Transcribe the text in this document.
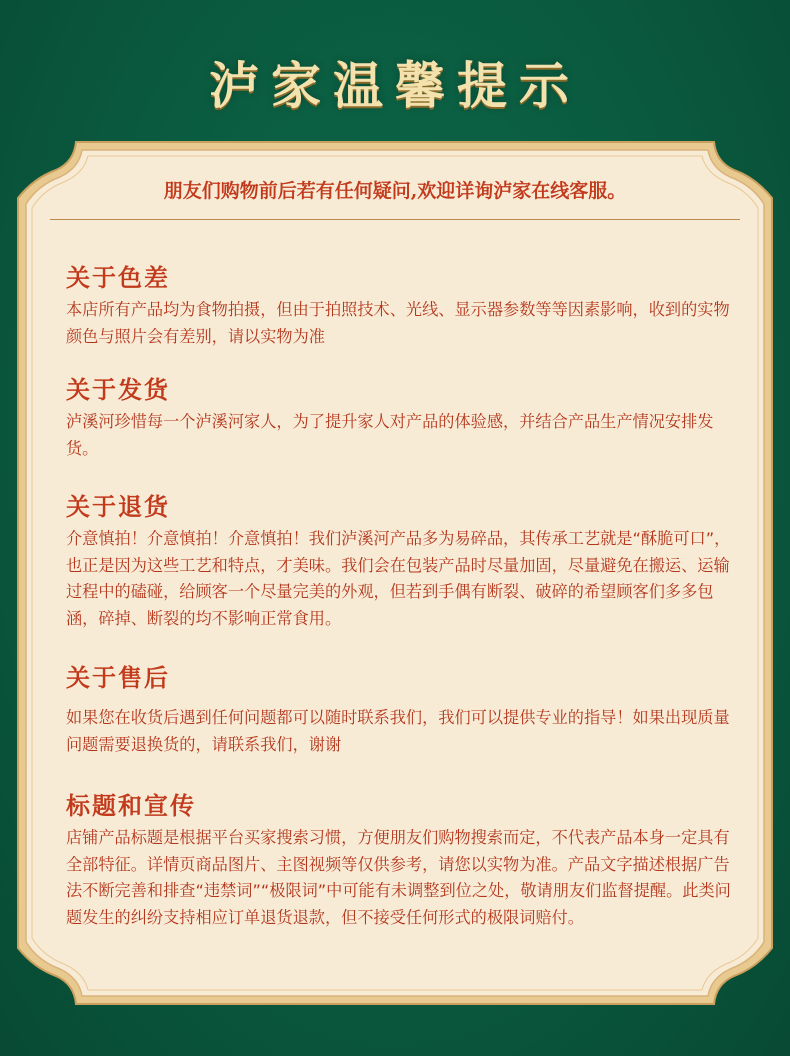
泸家温馨提示
朋友们购物前后若有任何疑问,欢迎详询泸家在线客服。
关于色差

本店所有产品均为食物拍摄，但由于拍照技术、光线、显示器参数等等因素影响，收到的实物颜色与照片会有差别，请以实物为准

关于发货

泸溪河珍惜每一个泸溪河家人，为了提升家人对产品的体验感，并结合产品生产情况安排发货。

关于退货

介意慎拍！介意慎拍！介意慎拍！我们泸溪河产品多为易碎品，其传承工艺就是“酥脆可口”，也正是因为这些工艺和特点，才美味。我们会在包装产品时尽量加固，尽量避免在搬运、运输过程中的磕碰，给顾客一个尽量完美的外观，但若到手偶有断裂、破碎的希望顾客们多多包涵，碎掉、断裂的均不影响正常食用。

关于售后

如果您在收货后遇到任何问题都可以随时联系我们，我们可以提供专业的指导！如果出现质量问题需要退换货的，请联系我们，谢谢

标题和宣传

店铺产品标题是根据平台买家搜索习惯，方便朋友们购物搜索而定，不代表产品本身一定具有全部特征。详情页商品图片、主图视频等仅供参考，请您以实物为准。产品文字描述根据广告法不断完善和排查“违禁词”“极限词”中可能有未调整到位之处，敬请朋友们监督提醒。此类问题发生的纠纷支持相应订单退货退款，但不接受任何形式的极限词赔付。
